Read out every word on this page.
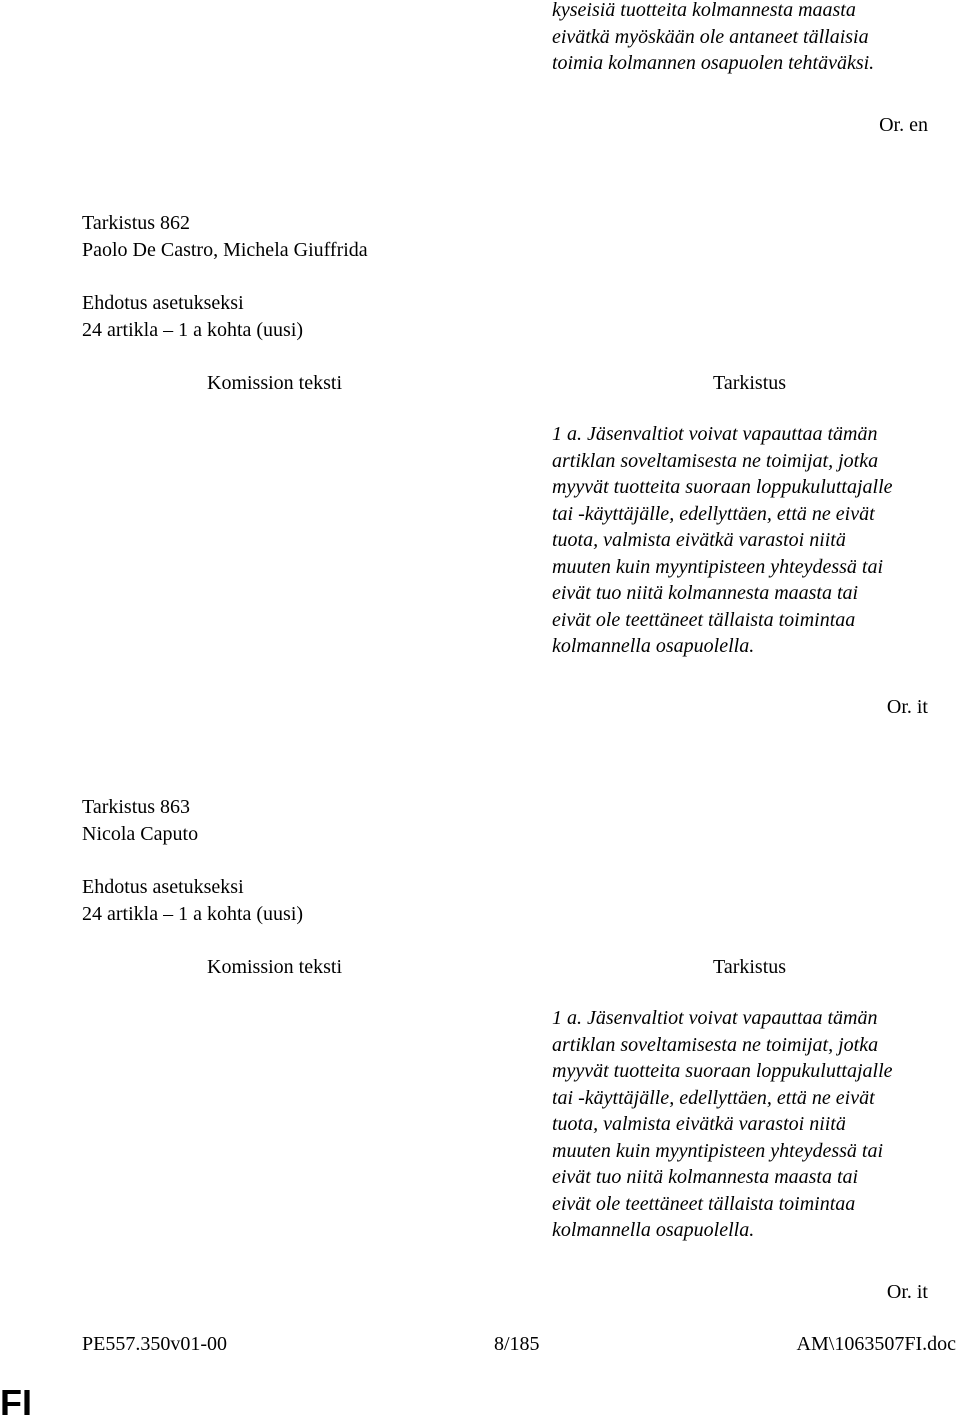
kyseisiä tuotteita kolmannesta maasta
eivätkä myöskään ole antaneet tällaisia
toimia kolmannen osapuolen tehtäväksi.
Or. en
Tarkistus 862
Paolo De Castro, Michela Giuffrida
Ehdotus asetukseksi
24 artikla – 1 a kohta (uusi)
Komission teksti	Tarkistus
1 a. Jäsenvaltiot voivat vapauttaa tämän
artiklan soveltamisesta ne toimijat, jotka
myyvät tuotteita suoraan loppukuluttajalle
tai -käyttäjälle, edellyttäen, että ne eivät
tuota, valmista eivätkä varastoi niitä
muuten kuin myyntipisteen yhteydessä tai
eivät tuo niitä kolmannesta maasta tai
eivät ole teettäneet tällaista toimintaa
kolmannella osapuolella.
Or. it
Tarkistus 863
Nicola Caputo
Ehdotus asetukseksi
24 artikla – 1 a kohta (uusi)
Komission teksti	Tarkistus
1 a. Jäsenvaltiot voivat vapauttaa tämän
artiklan soveltamisesta ne toimijat, jotka
myyvät tuotteita suoraan loppukuluttajalle
tai -käyttäjälle, edellyttäen, että ne eivät
tuota, valmista eivätkä varastoi niitä
muuten kuin myyntipisteen yhteydessä tai
eivät tuo niitä kolmannesta maasta tai
eivät ole teettäneet tällaista toimintaa
kolmannella osapuolella.
Or. it
PE557.350v01-00	8/185	AM\1063507FI.doc
FI
